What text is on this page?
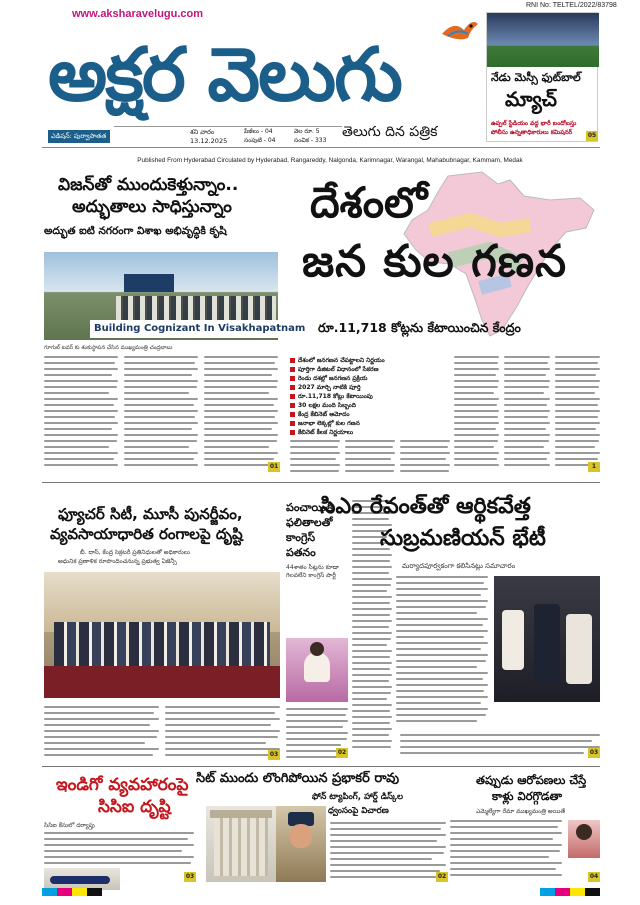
www.aksharavelugu.com
RNI No: TELTEL/2022/83798
అక్షర వెలుగు	నేడు మెస్సీ ఫుట్‌బాల్
మ్యాచ్
ఉప్పల్ స్టేడియం వద్ద భారీ బందోబస్తు
పోలీసు ఉన్నతాధికారులు కమిషనర్	05
ఎడిషన్: పుర్వాపాతత	శని వారం
13.12.2025
పేజీలు - 04
సంపుటి - 04
వెల రూ. 5
సంచిక - 333
తెలుగు దిన పత్రిక
Published From Hyderabad Circulated by Hyderabad, Rangareddy, Nalgonda, Karimnagar, Warangal, Mahabubnagar, Kammam, Medak
విజన్‌తో ముందుకెళ్తున్నాం..
అద్భుతాలు సాధిస్తున్నాం
అద్భుత ఐటి నగరంగా విశాఖ అభివృద్ధికి కృషి
Building Cognizant In Visakhapatnam
గూగుల్ టవర్ కు శంకుస్థాపన చేసిన ముఖ్యమంత్రి చంద్రబాబు
01
దేశంలో
జన కుల గణన
రూ.11,718 కోట్లను కేటాయించిన కేంద్రం
దేశంలో జనగణన చేపట్టాలని నిర్ణయం
పూర్తిగా డిజిటల్ విధానంలో సేకరణ
రెండు దశల్లో జనగణన ప్రక్రియ
2027 మార్చి నాటికి పూర్తి
రూ.11,718 కోట్లు కేటాయింపు
30 లక్షల మంది సిబ్బంది
కేంద్ర కేబినెట్ ఆమోదం
జనాభా లెక్కల్లో కుల గణన
కేబినెట్ కీలక నిర్ణయాలు
1
ఫ్యూచర్ సిటీ, మూసీ పునర్జీవం,
వ్యవసాయాధారిత రంగాలపై దృష్టి
బీ. దాస్, కేంద్ర సెక్రటరీ ప్రతినిధులతో అధికారులు
అధునిక ప్రణాళిక రూపొందించనున్న ప్రభుత్వ ఏజెన్సీ
03
పంచాయితీ ఫలితాలతో కాంగ్రెస్ పతనం
44శాతం సీట్లను కూడా గెలవలేని కాంగ్రెస్ పార్టీ
02
సిఎం రేవంత్‌తో ఆర్థికవేత్త
సుబ్రమణియన్ భేటీ
మర్యాదపూర్వకంగా కలిసినట్లు సమాచారం
03
ఇండిగో వ్యవహారంపై
సిసిఐ దృష్టి
సిసిఐ కేసులో దర్యాప్తు
03
సిట్ ముందు లొంగిపోయిన ప్రభాకర్ రావు
ఫోన్ ట్యాపింగ్, హార్డ్ డిస్క్‌ల
ధ్వంసంపై విచారణ
02
తప్పుడు ఆరోపణలు చేస్తే
కాళ్లు విరగ్గొడతా
ఎమ్మెల్యేగా రేమా ముఖ్యమంత్రి అయితే
04
